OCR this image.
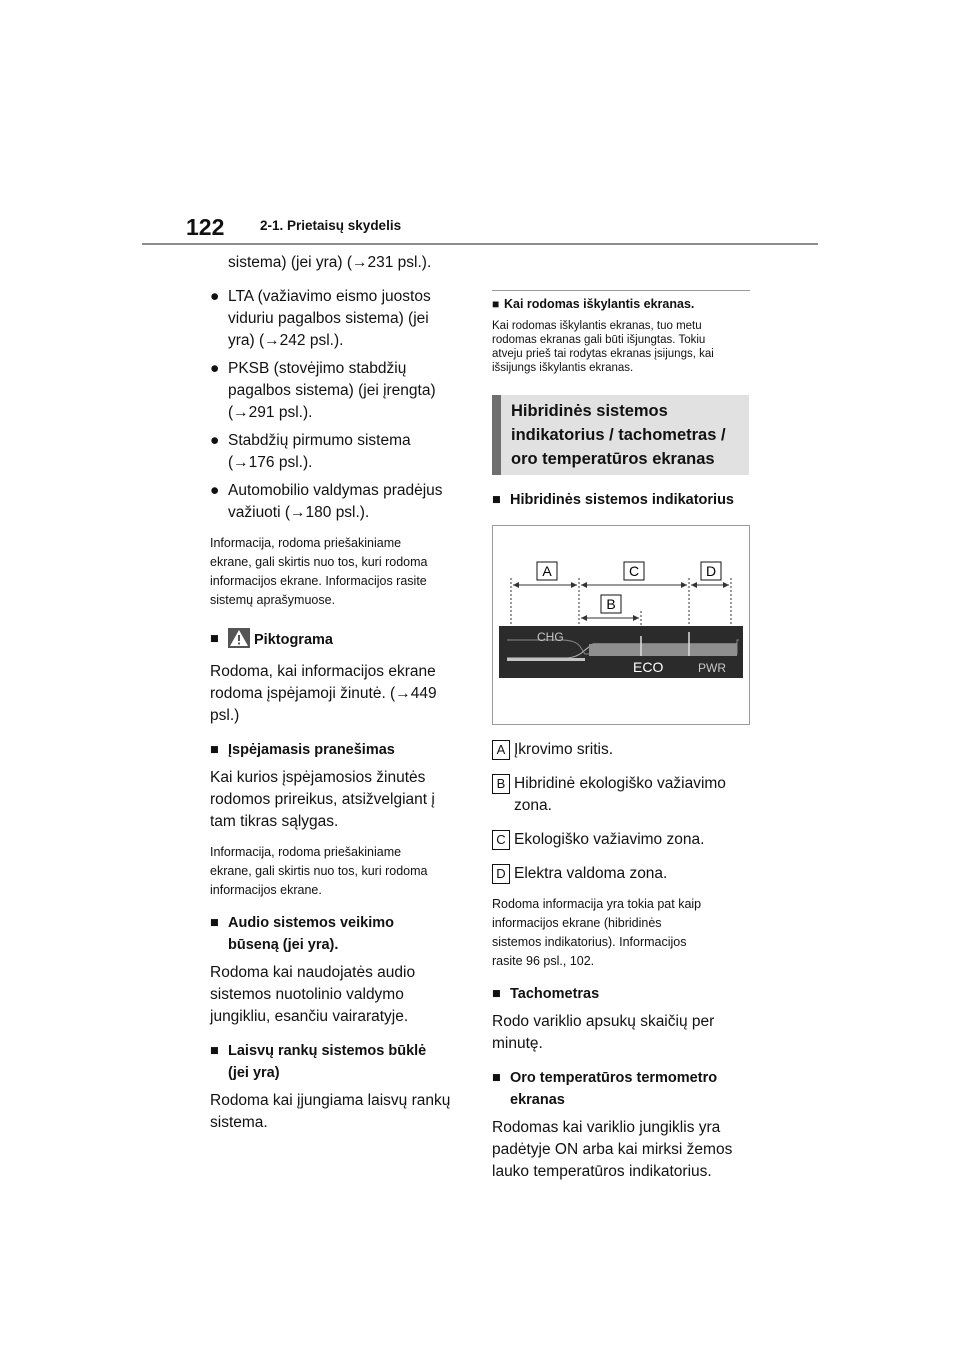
122	2-1. Prietaisų skydelis

sistema) (jei yra) (→231 psl.).

● LTA (važiavimo eismo juostos

viduriu pagalbos sistema) (jei

yra) (→242 psl.).

● PKSB (stovėjimo stabdžių

pagalbos sistema) (jei įrengta)

(→291 psl.).

● Stabdžių pirmumo sistema

(→176 psl.).

● Automobilio valdymas pradėjus

važiuoti (→180 psl.).

Informacija, rodoma priešakiniame

ekrane, gali skirtis nuo tos, kuri rodoma

informacijos ekrane. Informacijos rasite

sistemų aprašymuose.

■ Piktograma

Rodoma, kai informacijos ekrane

rodoma įspėjamoji žinutė. (→449

psl.)

■ Įspėjamasis pranešimas

Kai kurios įspėjamosios žinutės

rodomos prireikus, atsižvelgiant į

tam tikras sąlygas.

Informacija, rodoma priešakiniame

ekrane, gali skirtis nuo tos, kuri rodoma

informacijos ekrane.

■ Audio sistemos veikimo

būseną (jei yra).

Rodoma kai naudojatės audio

sistemos nuotolinio valdymo

jungikliu, esančiu vairaratyje.

■ Laisvų rankų sistemos būklė

(jei yra)

Rodoma kai įjungiama laisvų rankų

sistema.

■ Kai rodomas iškylantis ekranas.

Kai rodomas iškylantis ekranas, tuo metu

rodomas ekranas gali būti išjungtas. Tokiu

atveju prieš tai rodytas ekranas įsijungs, kai

išsijungs iškylantis ekranas.

Hibridinės sistemos

indikatorius / tachometras /

oro temperatūros ekranas

■ Hibridinės sistemos indikatorius
A	C	D
B
CHG
ECO	PWR
A Įkrovimo sritis.

B Hibridinė ekologiško važiavimo

zona.

C Ekologiško važiavimo zona.

D Elektra valdoma zona.

Rodoma informacija yra tokia pat kaip

informacijos ekrane (hibridinės

sistemos indikatorius). Informacijos

rasite 96 psl., 102.

■ Tachometras

Rodo variklio apsukų skaičių per

minutę.

■ Oro temperatūros termometro

ekranas

Rodomas kai variklio jungiklis yra

padėtyje ON arba kai mirksi žemos

lauko temperatūros indikatorius.
